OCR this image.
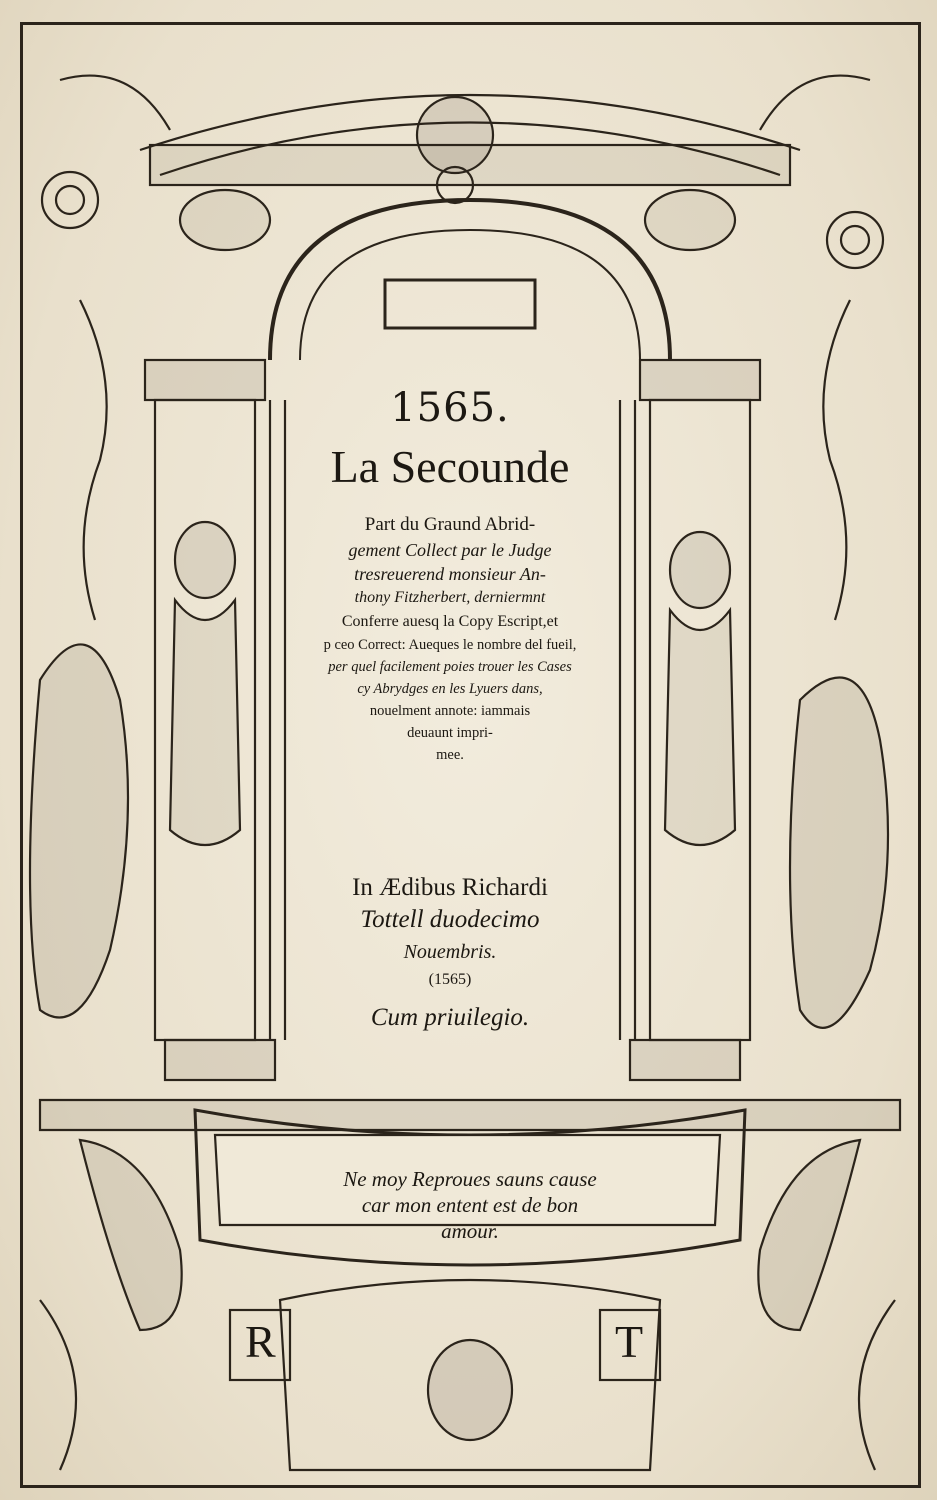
1565.
La Secounde
Part du Graund Abrid-
gement Collect par le Judge
tresreuerend monsieur An-
thony Fitzherbert, derniermnt
Conferre auesq la Copy Escript,et
p ceo Correct: Aueques le nombre del fueil,
per quel facilement poies trouer les Cases
cy Abrydges en les Lyuers dans,
nouelment annote: iammais
deuaunt impri-
mee.
In Ædibus Richardi
Tottell duodecimo
Nouembris.
(1565)
Cum priuilegio.
Ne moy Reproues sauns cause
car mon entent est de bon
amour.
R	T
